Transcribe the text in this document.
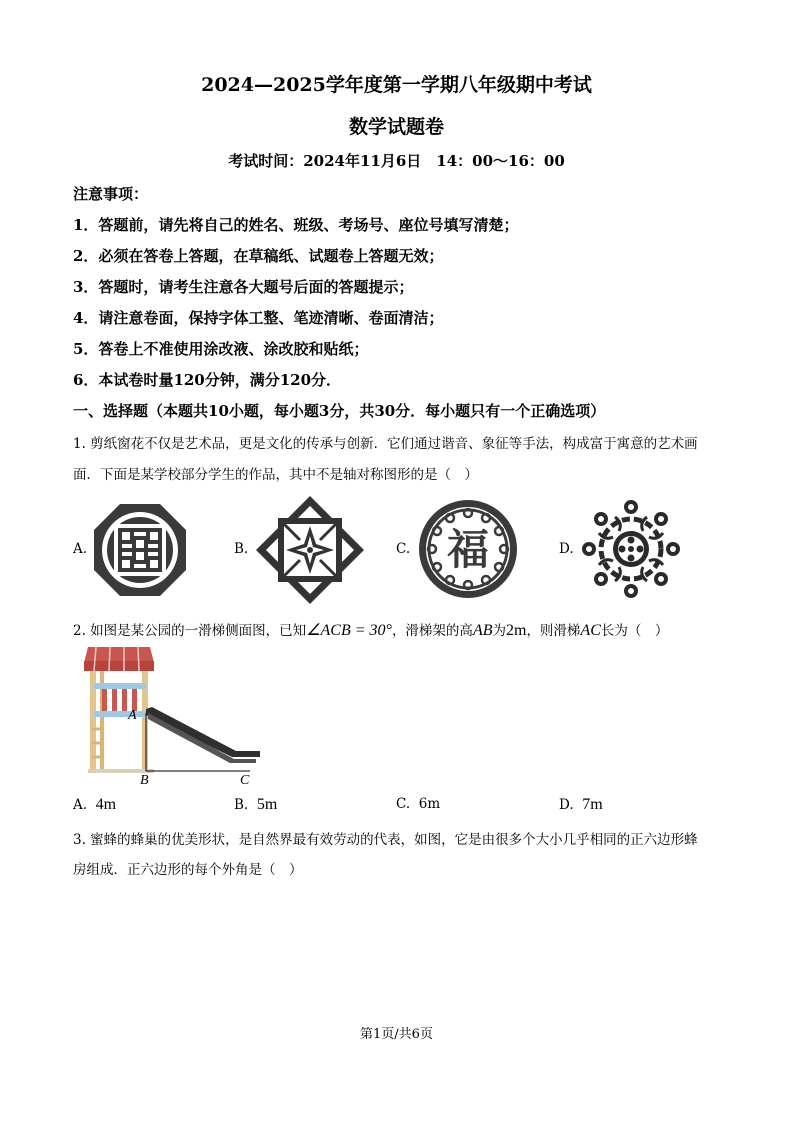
2024—2025学年度第一学期八年级期中考试
数学试题卷
考试时间：2024年11月6日　14：00～16：00
注意事项：
1．答题前，请先将自己的姓名、班级、考场号、座位号填写清楚；
2．必须在答卷上答题，在草稿纸、试题卷上答题无效；
3．答题时，请考生注意各大题号后面的答题提示；
4．请注意卷面，保持字体工整、笔迹清晰、卷面清洁；
5．答卷上不准使用涂改液、涂改胶和贴纸；
6．本试卷时量120分钟，满分120分．
一、选择题（本题共10小题，每小题3分，共30分．每小题只有一个正确选项）
1. 剪纸窗花不仅是艺术品，更是文化的传承与创新．它们通过谐音、象征等手法，构成富于寓意的艺术画
面．下面是某学校部分学生的作品，其中不是轴对称图形的是（　）
A.	B.	C.	D.
福
2. 如图是某公园的一滑梯侧面图，已知∠ACB = 30°，滑梯架的高AB为2m，则滑梯AC长为（　）
A
B	C
A. 4m	B. 5m	C. 6m	D. 7m
3. 蜜蜂的蜂巢的优美形状，是自然界最有效劳动的代表，如图，它是由很多个大小几乎相同的正六边形蜂
房组成．正六边形的每个外角是（　）
第1页/共6页
